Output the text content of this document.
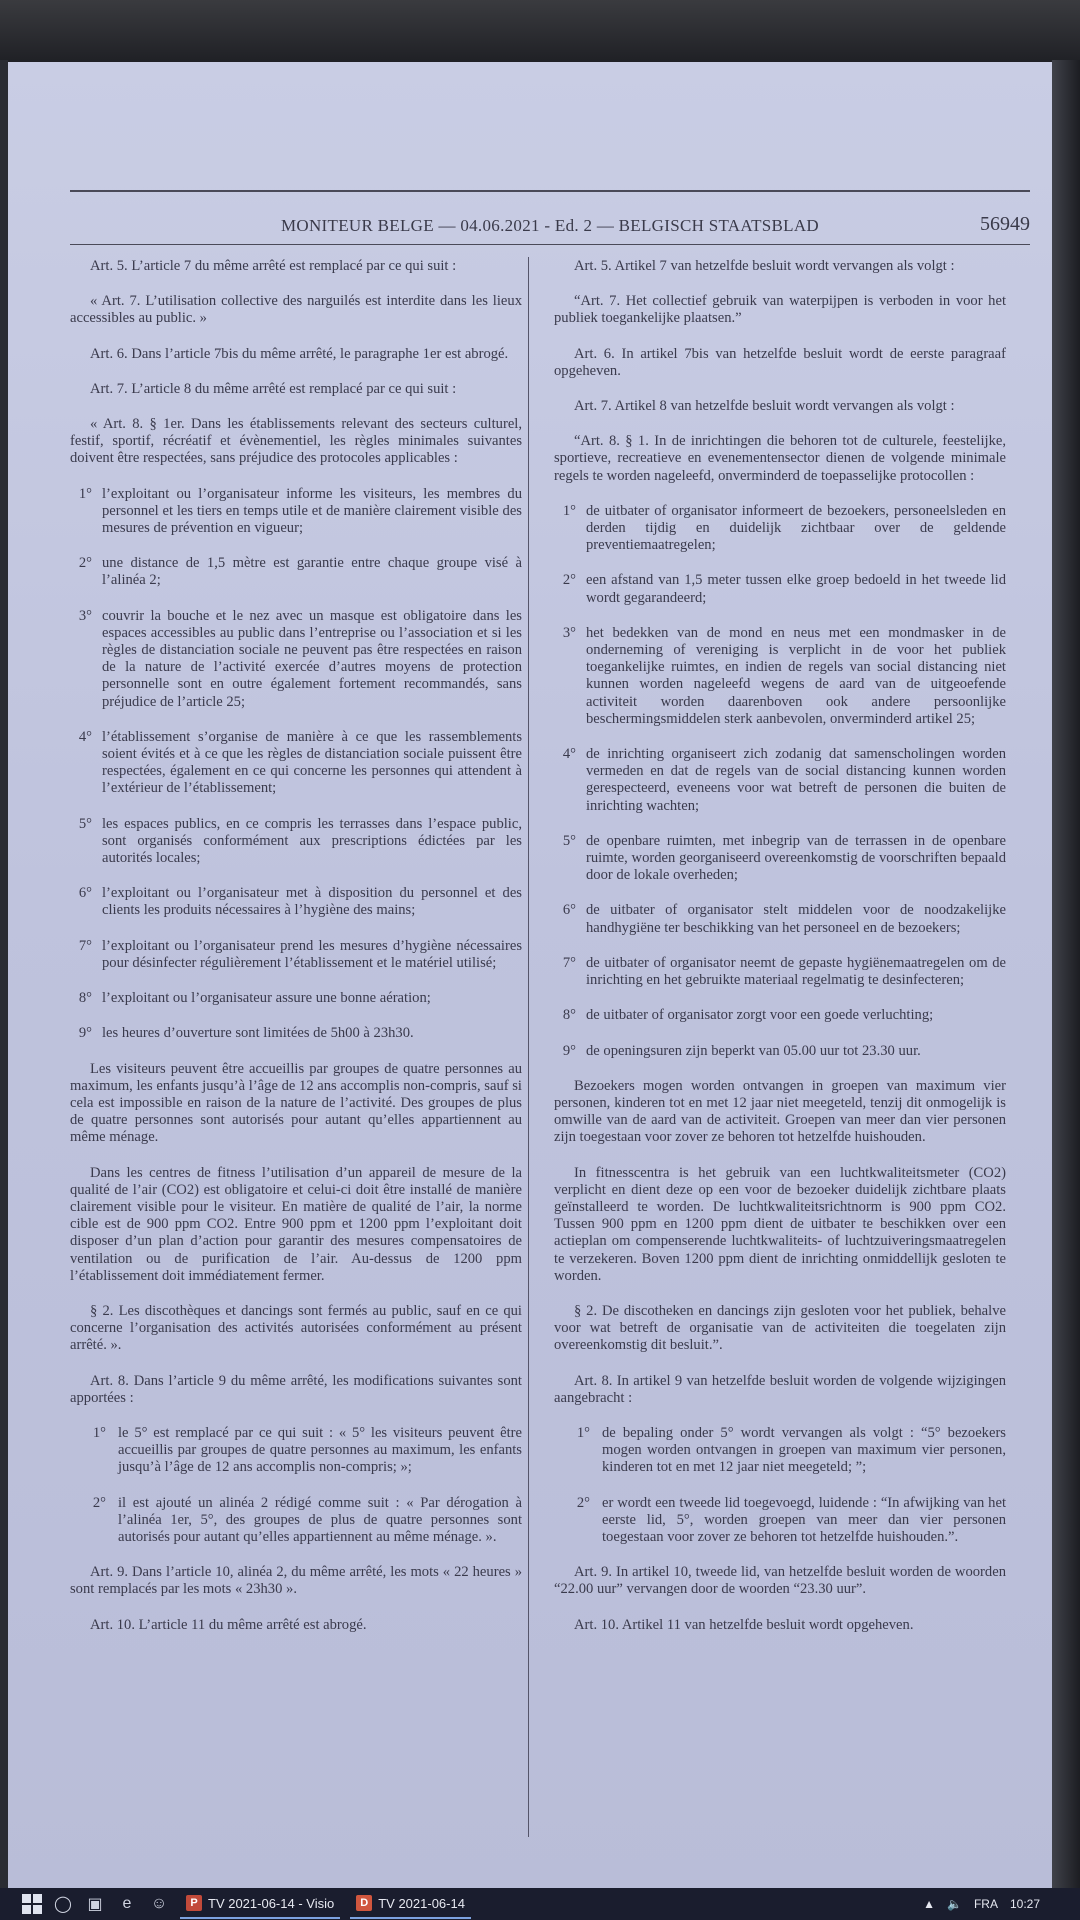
MONITEUR BELGE — 04.06.2021 - Ed. 2 — BELGISCH STAATSBLAD	56949

Art. 5. L’article 7 du même arrêté est remplacé par ce qui suit :

« Art. 7. L’utilisation collective des narguilés est interdite dans les lieux accessibles au public. »

Art. 6. Dans l’article 7bis du même arrêté, le paragraphe 1er est abrogé.

Art. 7. L’article 8 du même arrêté est remplacé par ce qui suit :

« Art. 8. § 1er. Dans les établissements relevant des secteurs culturel, festif, sportif, récréatif et évènementiel, les règles minimales suivantes doivent être respectées, sans préjudice des protocoles applicables :

1° l’exploitant ou l’organisateur informe les visiteurs, les membres du personnel et les tiers en temps utile et de manière clairement visible des mesures de prévention en vigueur;

2° une distance de 1,5 mètre est garantie entre chaque groupe visé à l’alinéa 2;

3° couvrir la bouche et le nez avec un masque est obligatoire dans les espaces accessibles au public dans l’entreprise ou l’association et si les règles de distanciation sociale ne peuvent pas être respectées en raison de la nature de l’activité exercée d’autres moyens de protection personnelle sont en outre également fortement recommandés, sans préjudice de l’article 25;

4° l’établissement s’organise de manière à ce que les rassemblements soient évités et à ce que les règles de distanciation sociale puissent être respectées, également en ce qui concerne les personnes qui attendent à l’extérieur de l’établissement;

5° les espaces publics, en ce compris les terrasses dans l’espace public, sont organisés conformément aux prescriptions édictées par les autorités locales;

6° l’exploitant ou l’organisateur met à disposition du personnel et des clients les produits nécessaires à l’hygiène des mains;

7° l’exploitant ou l’organisateur prend les mesures d’hygiène nécessaires pour désinfecter régulièrement l’établissement et le matériel utilisé;

8° l’exploitant ou l’organisateur assure une bonne aération;

9° les heures d’ouverture sont limitées de 5h00 à 23h30.

Les visiteurs peuvent être accueillis par groupes de quatre personnes au maximum, les enfants jusqu’à l’âge de 12 ans accomplis non-compris, sauf si cela est impossible en raison de la nature de l’activité. Des groupes de plus de quatre personnes sont autorisés pour autant qu’elles appartiennent au même ménage.

Dans les centres de fitness l’utilisation d’un appareil de mesure de la qualité de l’air (CO2) est obligatoire et celui-ci doit être installé de manière clairement visible pour le visiteur. En matière de qualité de l’air, la norme cible est de 900 ppm CO2. Entre 900 ppm et 1200 ppm l’exploitant doit disposer d’un plan d’action pour garantir des mesures compensatoires de ventilation ou de purification de l’air. Au-dessus de 1200 ppm l’établissement doit immédiatement fermer.

§ 2. Les discothèques et dancings sont fermés au public, sauf en ce qui concerne l’organisation des activités autorisées conformément au présent arrêté. ».

Art. 8. Dans l’article 9 du même arrêté, les modifications suivantes sont apportées :

1° le 5° est remplacé par ce qui suit : « 5° les visiteurs peuvent être accueillis par groupes de quatre personnes au maximum, les enfants jusqu’à l’âge de 12 ans accomplis non-compris; »;

2° il est ajouté un alinéa 2 rédigé comme suit : « Par dérogation à l’alinéa 1er, 5°, des groupes de plus de quatre personnes sont autorisés pour autant qu’elles appartiennent au même ménage. ».

Art. 9. Dans l’article 10, alinéa 2, du même arrêté, les mots « 22 heures » sont remplacés par les mots « 23h30 ».

Art. 10. L’article 11 du même arrêté est abrogé.

Art. 5. Artikel 7 van hetzelfde besluit wordt vervangen als volgt :

“Art. 7. Het collectief gebruik van waterpijpen is verboden in voor het publiek toegankelijke plaatsen.”

Art. 6. In artikel 7bis van hetzelfde besluit wordt de eerste paragraaf opgeheven.

Art. 7. Artikel 8 van hetzelfde besluit wordt vervangen als volgt :

“Art. 8. § 1. In de inrichtingen die behoren tot de culturele, feestelijke, sportieve, recreatieve en evenementensector dienen de volgende minimale regels te worden nageleefd, onverminderd de toepasselijke protocollen :

1° de uitbater of organisator informeert de bezoekers, personeelsleden en derden tijdig en duidelijk zichtbaar over de geldende preventiemaatregelen;

2° een afstand van 1,5 meter tussen elke groep bedoeld in het tweede lid wordt gegarandeerd;

3° het bedekken van de mond en neus met een mondmasker in de onderneming of vereniging is verplicht in de voor het publiek toegankelijke ruimtes, en indien de regels van social distancing niet kunnen worden nageleefd wegens de aard van de uitgeoefende activiteit worden daarenboven ook andere persoonlijke beschermingsmiddelen sterk aanbevolen, onverminderd artikel 25;

4° de inrichting organiseert zich zodanig dat samenscholingen worden vermeden en dat de regels van de social distancing kunnen worden gerespecteerd, eveneens voor wat betreft de personen die buiten de inrichting wachten;

5° de openbare ruimten, met inbegrip van de terrassen in de openbare ruimte, worden georganiseerd overeenkomstig de voorschriften bepaald door de lokale overheden;

6° de uitbater of organisator stelt middelen voor de noodzakelijke handhygiëne ter beschikking van het personeel en de bezoekers;

7° de uitbater of organisator neemt de gepaste hygiënemaatregelen om de inrichting en het gebruikte materiaal regelmatig te desinfecteren;

8° de uitbater of organisator zorgt voor een goede verluchting;

9° de openingsuren zijn beperkt van 05.00 uur tot 23.30 uur.

Bezoekers mogen worden ontvangen in groepen van maximum vier personen, kinderen tot en met 12 jaar niet meegeteld, tenzij dit onmogelijk is omwille van de aard van de activiteit. Groepen van meer dan vier personen zijn toegestaan voor zover ze behoren tot hetzelfde huishouden.

In fitnesscentra is het gebruik van een luchtkwaliteitsmeter (CO2) verplicht en dient deze op een voor de bezoeker duidelijk zichtbare plaats geïnstalleerd te worden. De luchtkwaliteitsrichtnorm is 900 ppm CO2. Tussen 900 ppm en 1200 ppm dient de uitbater te beschikken over een actieplan om compenserende luchtkwaliteits- of luchtzuiveringsmaatregelen te verzekeren. Boven 1200 ppm dient de inrichting onmiddellijk gesloten te worden.

§ 2. De discotheken en dancings zijn gesloten voor het publiek, behalve voor wat betreft de organisatie van de activiteiten die toegelaten zijn overeenkomstig dit besluit.”.

Art. 8. In artikel 9 van hetzelfde besluit worden de volgende wijzigingen aangebracht :

1° de bepaling onder 5° wordt vervangen als volgt : “5° bezoekers mogen worden ontvangen in groepen van maximum vier personen, kinderen tot en met 12 jaar niet meegeteld; ”;

2° er wordt een tweede lid toegevoegd, luidende : “In afwijking van het eerste lid, 5°, worden groepen van meer dan vier personen toegestaan voor zover ze behoren tot hetzelfde huishouden.”.

Art. 9. In artikel 10, tweede lid, van hetzelfde besluit worden de woorden “22.00 uur” vervangen door de woorden “23.30 uur”.

Art. 10. Artikel 11 van hetzelfde besluit wordt opgeheven.

◯ ▣	e	☺	P TV 2021-06-14 - Visio	D TV 2021-06-14	▲ 🔈 FRA 10:27
